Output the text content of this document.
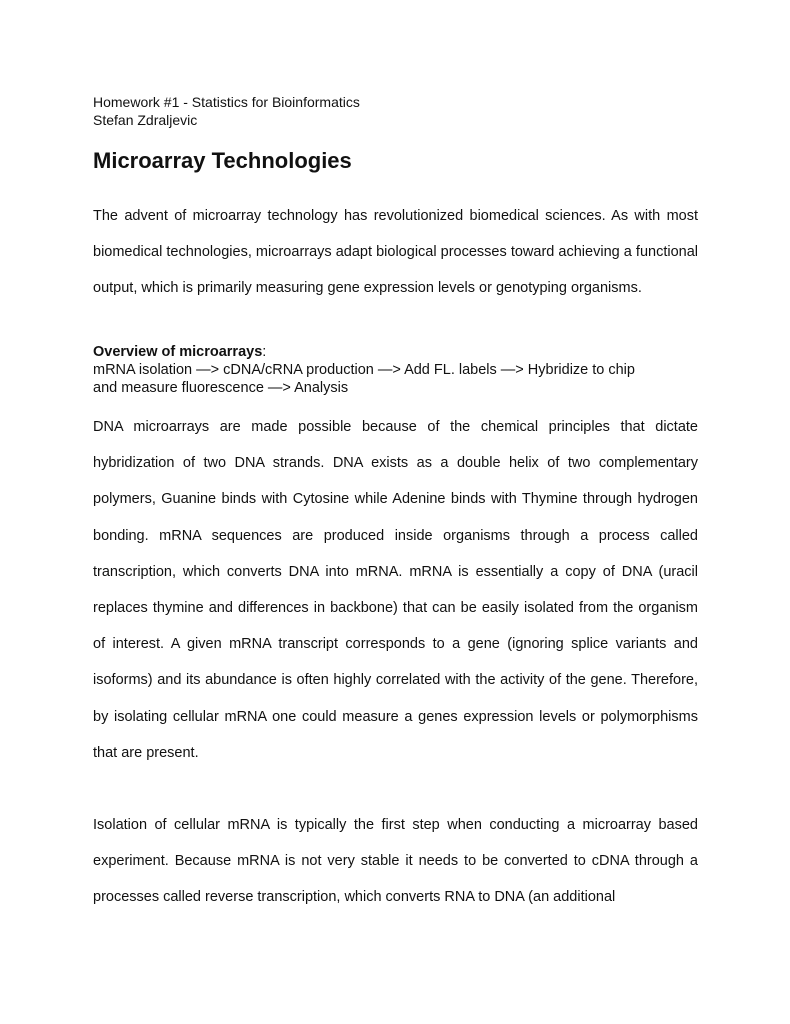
Homework #1 - Statistics for Bioinformatics

Stefan Zdraljevic

Microarray Technologies

The advent of microarray technology has revolutionized biomedical sciences. As with most biomedical technologies, microarrays adapt biological processes toward achieving a functional output, which is primarily measuring gene expression levels or genotyping organisms.

Overview of microarrays:
mRNA isolation —> cDNA/cRNA production —> Add FL. labels —> Hybridize to chip
and measure fluorescence —> Analysis

DNA microarrays are made possible because of the chemical principles that dictate hybridization of two DNA strands. DNA exists as a double helix of two complementary polymers, Guanine binds with Cytosine while Adenine binds with Thymine through hydrogen bonding. mRNA sequences are produced inside organisms through a process called transcription, which converts DNA into mRNA. mRNA is essentially a copy of DNA (uracil replaces thymine and differences in backbone) that can be easily isolated from the organism of interest. A given mRNA transcript corresponds to a gene (ignoring splice variants and isoforms) and its abundance is often highly correlated with the activity of the gene. Therefore, by isolating cellular mRNA one could measure a genes expression levels or polymorphisms that are present.

Isolation of cellular mRNA is typically the first step when conducting a microarray based experiment. Because mRNA is not very stable it needs to be converted to cDNA through a processes called reverse transcription, which converts RNA to DNA (an additional
